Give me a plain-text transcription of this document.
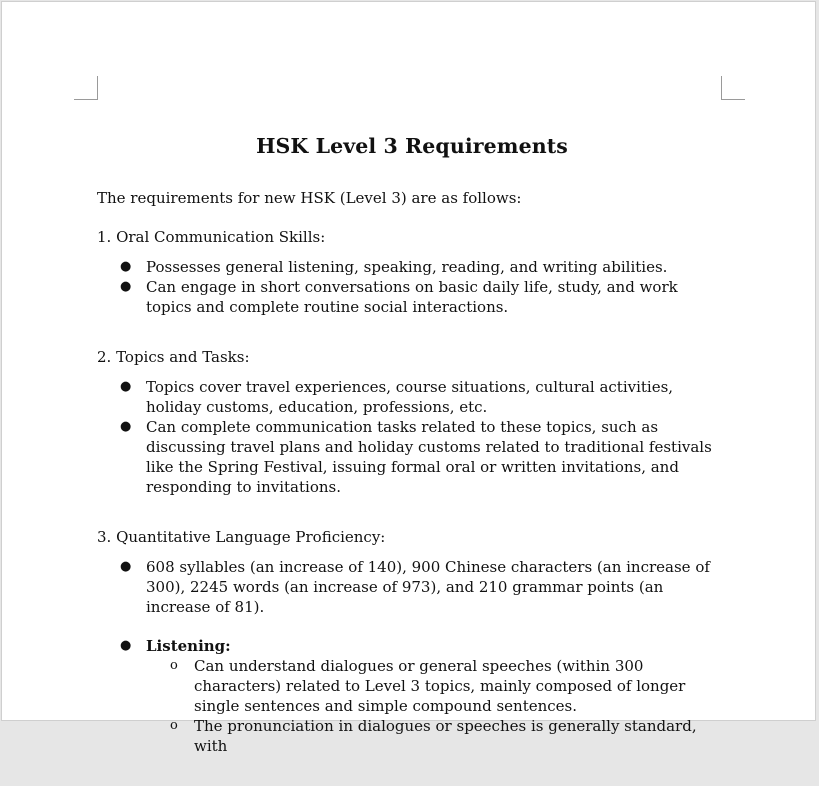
HSK Level 3 Requirements

The requirements for new HSK (Level 3) are as follows:

1. Oral Communication Skills:

● Possesses general listening, speaking, reading, and writing abilities.
● Can engage in short conversations on basic daily life, study, and work topics and complete routine social interactions.

2. Topics and Tasks:

● Topics cover travel experiences, course situations, cultural activities, holiday customs, education, professions, etc.
● Can complete communication tasks related to these topics, such as discussing travel plans and holiday customs related to traditional festivals like the Spring Festival, issuing formal oral or written invitations, and responding to invitations.

3. Quantitative Language Proficiency:

● 608 syllables (an increase of 140), 900 Chinese characters (an increase of 300), 2245 words (an increase of 973), and 210 grammar points (an increase of 81).
● Listening:
o Can understand dialogues or general speeches (within 300 characters) related to Level 3 topics, mainly composed of longer single sentences and simple compound sentences.
o The pronunciation in dialogues or speeches is generally standard, with
